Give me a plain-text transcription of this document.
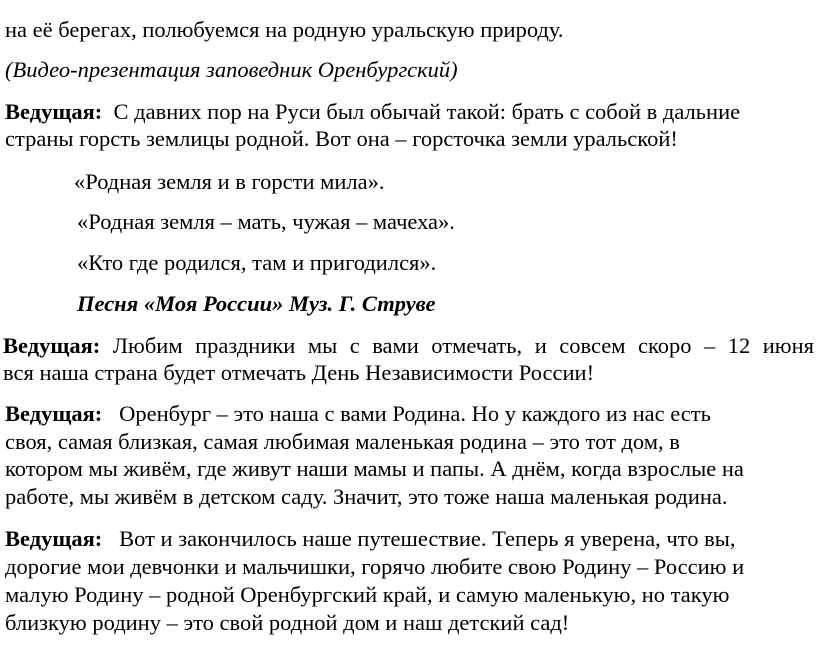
на её берегах, полюбуемся на родную уральскую природу.
(Видео-презентация заповедник Оренбургский)
Ведущая: С давних пор на Руси был обычай такой: брать с собой в дальние
страны горсть землицы родной. Вот она – горсточка земли уральской!
«Родная земля и в горсти мила».
«Родная земля – мать, чужая – мачеха».
«Кто где родился, там и пригодился».
Песня «Моя России» Муз. Г. Струве
Ведущая: Любим праздники мы с вами отмечать, и совсем скоро – 12 июня
вся наша страна будет отмечать День Независимости России!
Ведущая: Оренбург – это наша с вами Родина. Но у каждого из нас есть
своя, самая близкая, самая любимая маленькая родина – это тот дом, в
котором мы живём, где живут наши мамы и папы. А днём, когда взрослые на
работе, мы живём в детском саду. Значит, это тоже наша маленькая родина.
Ведущая: Вот и закончилось наше путешествие. Теперь я уверена, что вы,
дорогие мои девчонки и мальчишки, горячо любите свою Родину – Россию и
малую Родину – родной Оренбургский край, и самую маленькую, но такую
близкую родину – это свой родной дом и наш детский сад!
